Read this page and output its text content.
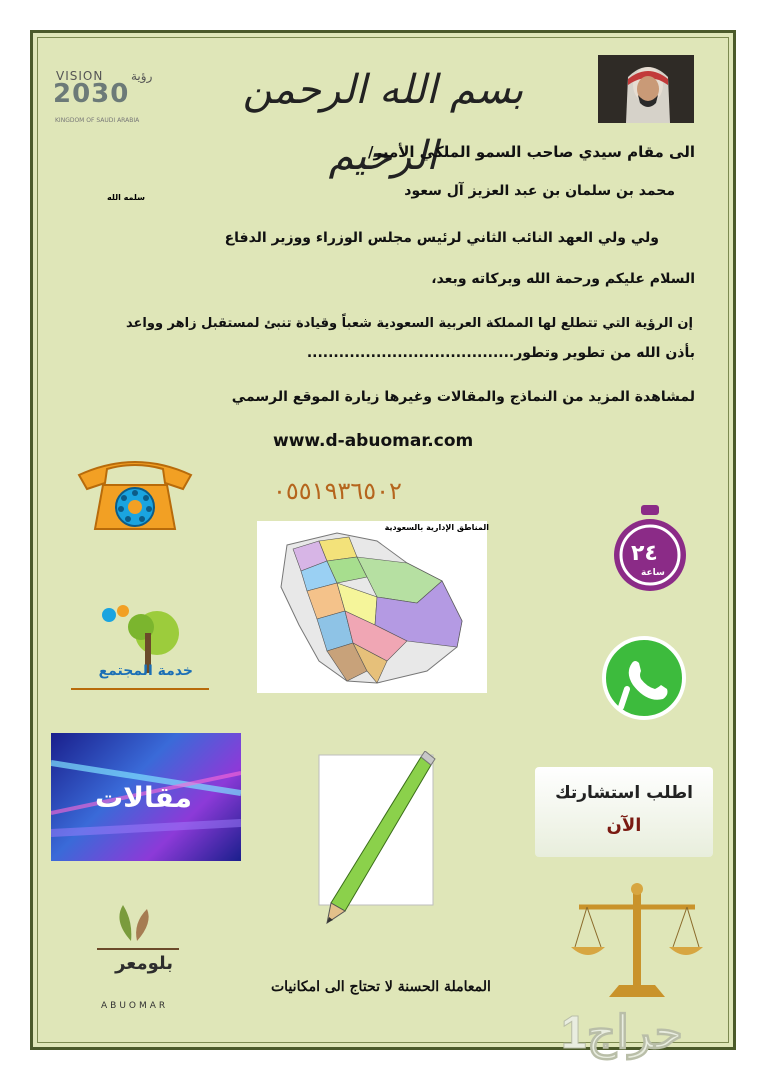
VISION رؤية
2030
KINGDOM OF SAUDI ARABIA
بسم الله الرحمن الرحيم
الى مقام سيدي صاحب السمو الملكي الأمير/
محمد بن سلمان بن عبد العزيز آل سعود
سلمه الله
ولي ولي العهد النائب الثاني لرئيس مجلس الوزراء ووزير الدفاع
السلام عليكم ورحمة الله وبركاته وبعد،
إن الرؤية التي تتطلع لها المملكة العربية السعودية شعباً وقيادة تنبئ لمستقبل زاهر وواعد
بأذن الله من تطوير وتطور.......................................
لمشاهدة المزيد من النماذج والمقالات وغيرها زيارة الموقع الرسمي
www.d-abuomar.com
٠٥٥١٩٣٦٥٠٢
المناطق الإدارية بالسعودية
٢٤
ساعة
خدمة المجتمع
مقالات	اطلب استشارتك
الآن
بلومعر
ABUOMAR
المعاملة الحسنة لا تحتاج الى امكانيات
حراج1
